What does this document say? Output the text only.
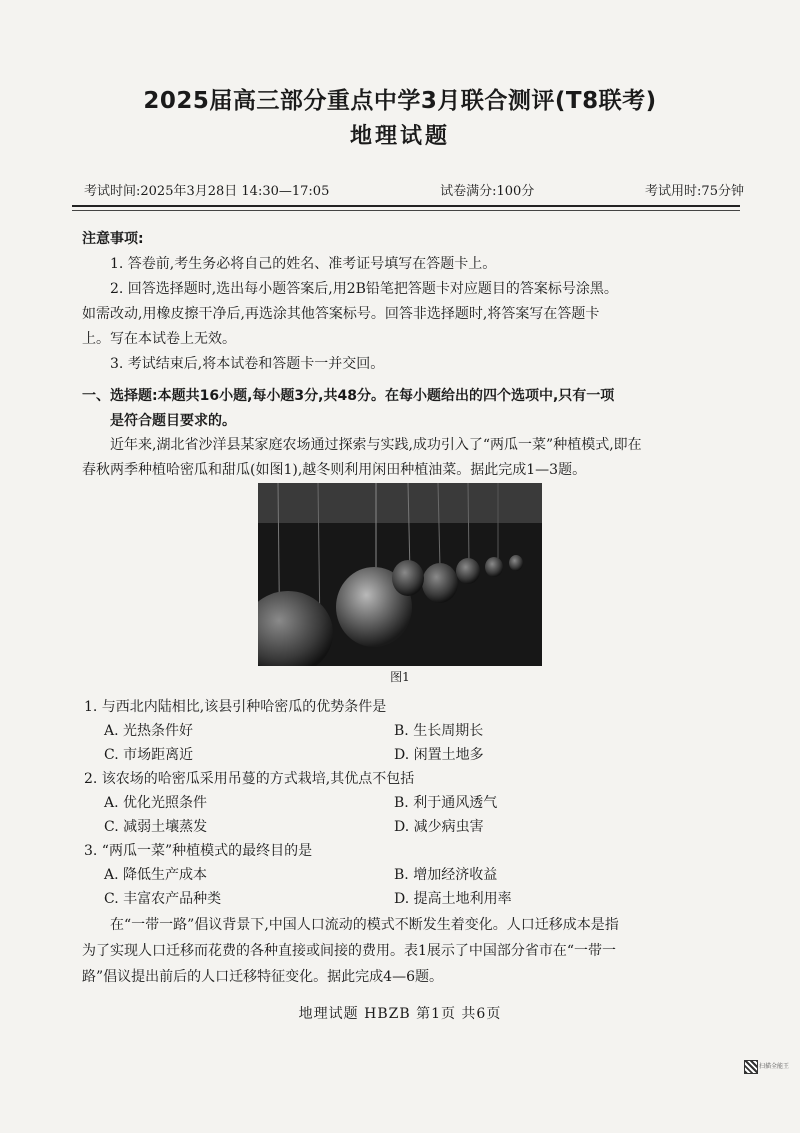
2025届高三部分重点中学3月联合测评(T8联考)
地理试题
考试时间:2025年3月28日 14:30—17:05	试卷满分:100分	考试用时:75分钟
注意事项:
1. 答卷前,考生务必将自己的姓名、准考证号填写在答题卡上。
2. 回答选择题时,选出每小题答案后,用2B铅笔把答题卡对应题目的答案标号涂黑。
如需改动,用橡皮擦干净后,再选涂其他答案标号。回答非选择题时,将答案写在答题卡
上。写在本试卷上无效。
3. 考试结束后,将本试卷和答题卡一并交回。
一、选择题:本题共16小题,每小题3分,共48分。在每小题给出的四个选项中,只有一项
是符合题目要求的。
近年来,湖北省沙洋县某家庭农场通过探索与实践,成功引入了“两瓜一菜”种植模式,即在
春秋两季种植哈密瓜和甜瓜(如图1),越冬则利用闲田种植油菜。据此完成1—3题。
图1
1. 与西北内陆相比,该县引种哈密瓜的优势条件是
A. 光热条件好	B. 生长周期长
C. 市场距离近	D. 闲置土地多
2. 该农场的哈密瓜采用吊蔓的方式栽培,其优点不包括
A. 优化光照条件	B. 利于通风透气
C. 减弱土壤蒸发	D. 减少病虫害
3. “两瓜一菜”种植模式的最终目的是
A. 降低生产成本	B. 增加经济收益
C. 丰富农产品种类	D. 提高土地利用率
在“一带一路”倡议背景下,中国人口流动的模式不断发生着变化。人口迁移成本是指
为了实现人口迁移而花费的各种直接或间接的费用。表1展示了中国部分省市在“一带一
路”倡议提出前后的人口迁移特征变化。据此完成4—6题。
地理试题 HBZB 第1页 共6页
扫描全能王
